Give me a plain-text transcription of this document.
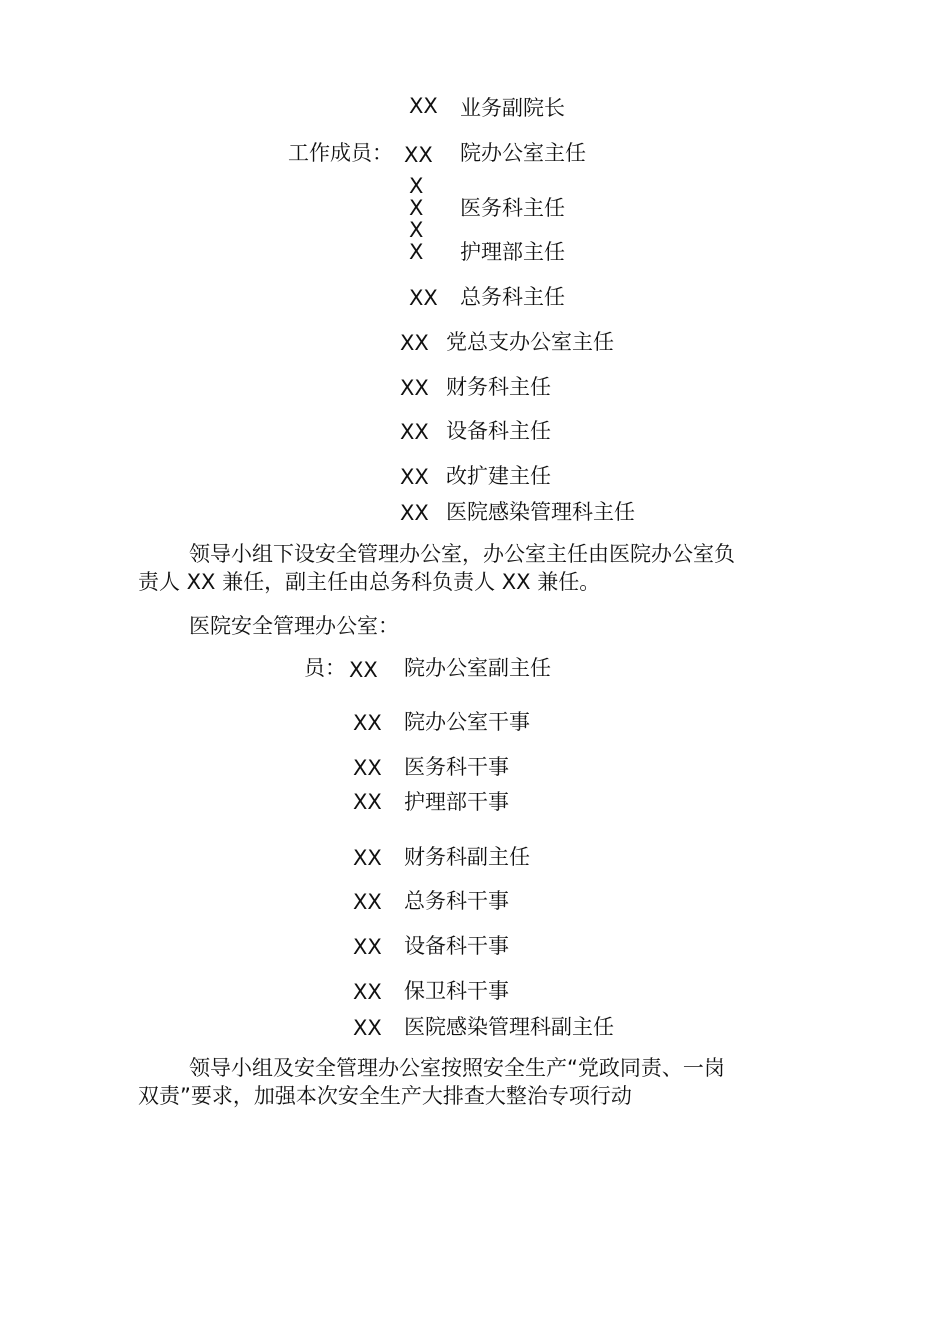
XX 业务副院长
工作成员： XX 院办公室主任
X
X 医务科主任
X
X 护理部主任
XX 总务科主任
XX 党总支办公室主任
XX 财务科主任
XX 设备科主任
XX 改扩建主任
XX 医院感染管理科主任
领导小组下设安全管理办公室，办公室主任由医院办公室负
责人 XX 兼任，副主任由总务科负责人 XX 兼任。
医院安全管理办公室：
员： XX 院办公室副主任
XX 院办公室干事
XX 医务科干事
XX 护理部干事
XX 财务科副主任
XX 总务科干事
XX 设备科干事
XX 保卫科干事
XX 医院感染管理科副主任
领导小组及安全管理办公室按照安全生产“党政同责、一岗
双责”要求，加强本次安全生产大排查大整治专项行动
